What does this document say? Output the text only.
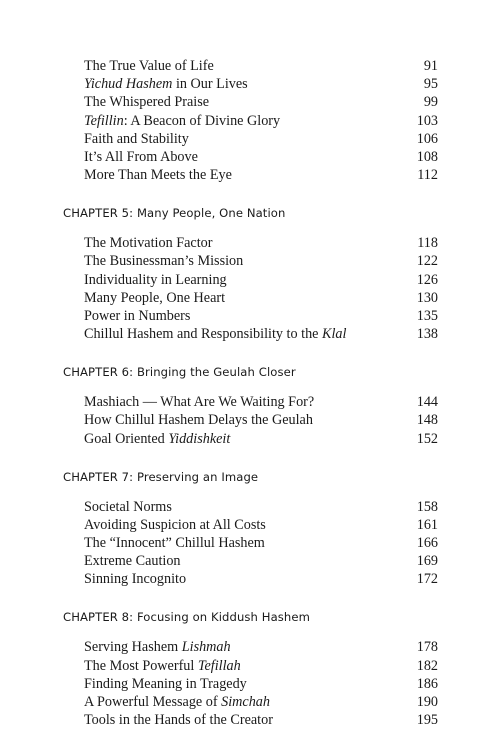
The True Value of Life	91
Yichud Hashem in Our Lives	95
The Whispered Praise	99
Tefillin: A Beacon of Divine Glory	103
Faith and Stability	106
It’s All From Above	108
More Than Meets the Eye	112
CHAPTER 5: Many People, One Nation
The Motivation Factor	118
The Businessman’s Mission	122
Individuality in Learning	126
Many People, One Heart	130
Power in Numbers	135
Chillul Hashem and Responsibility to the Klal	138
CHAPTER 6: Bringing the Geulah Closer
Mashiach — What Are We Waiting For?	144
How Chillul Hashem Delays the Geulah	148
Goal Oriented Yiddishkeit	152
CHAPTER 7: Preserving an Image
Societal Norms	158
Avoiding Suspicion at All Costs	161
The “Innocent” Chillul Hashem	166
Extreme Caution	169
Sinning Incognito	172
CHAPTER 8: Focusing on Kiddush Hashem
Serving Hashem Lishmah	178
The Most Powerful Tefillah	182
Finding Meaning in Tragedy	186
A Powerful Message of Simchah	190
Tools in the Hands of the Creator	195
